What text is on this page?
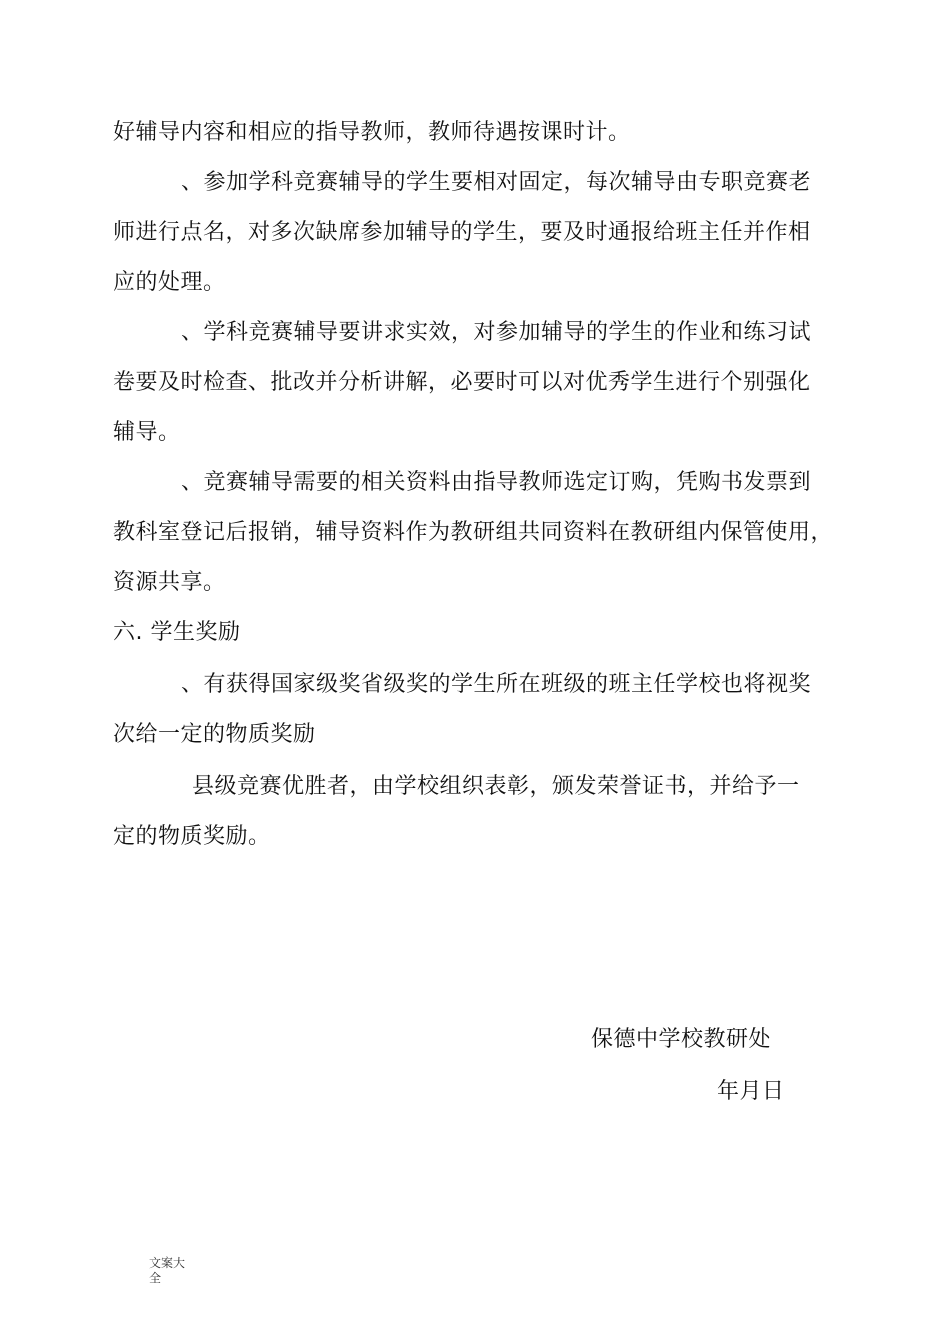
好辅导内容和相应的指导教师，教师待遇按课时计。
、参加学科竞赛辅导的学生要相对固定，每次辅导由专职竞赛老
师进行点名，对多次缺席参加辅导的学生，要及时通报给班主任并作相
应的处理。
、学科竞赛辅导要讲求实效，对参加辅导的学生的作业和练习试
卷要及时检查、批改并分析讲解，必要时可以对优秀学生进行个别强化
辅导。
、竞赛辅导需要的相关资料由指导教师选定订购，凭购书发票到
教科室登记后报销，辅导资料作为教研组共同资料在教研组内保管使用，
资源共享。
六. 学生奖励
、有获得国家级奖省级奖的学生所在班级的班主任学校也将视奖
次给一定的物质奖励
县级竞赛优胜者，由学校组织表彰，颁发荣誉证书，并给予一
定的物质奖励。
保德中学校教研处
年月日
文案大全
